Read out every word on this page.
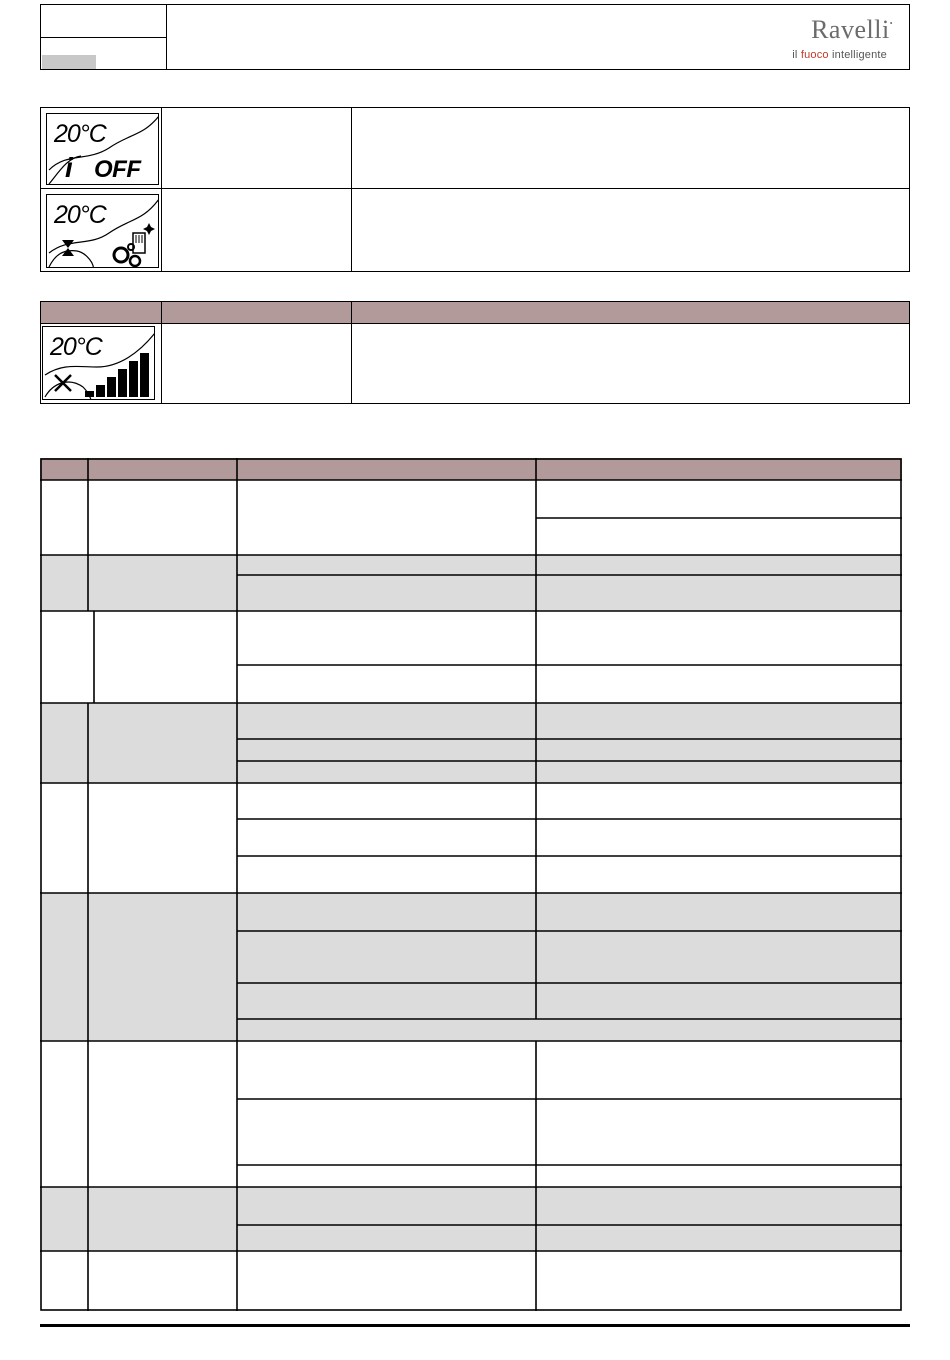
Ravelli•
il fuoco intelligente
20°C
i OFF
20°C
20°C
